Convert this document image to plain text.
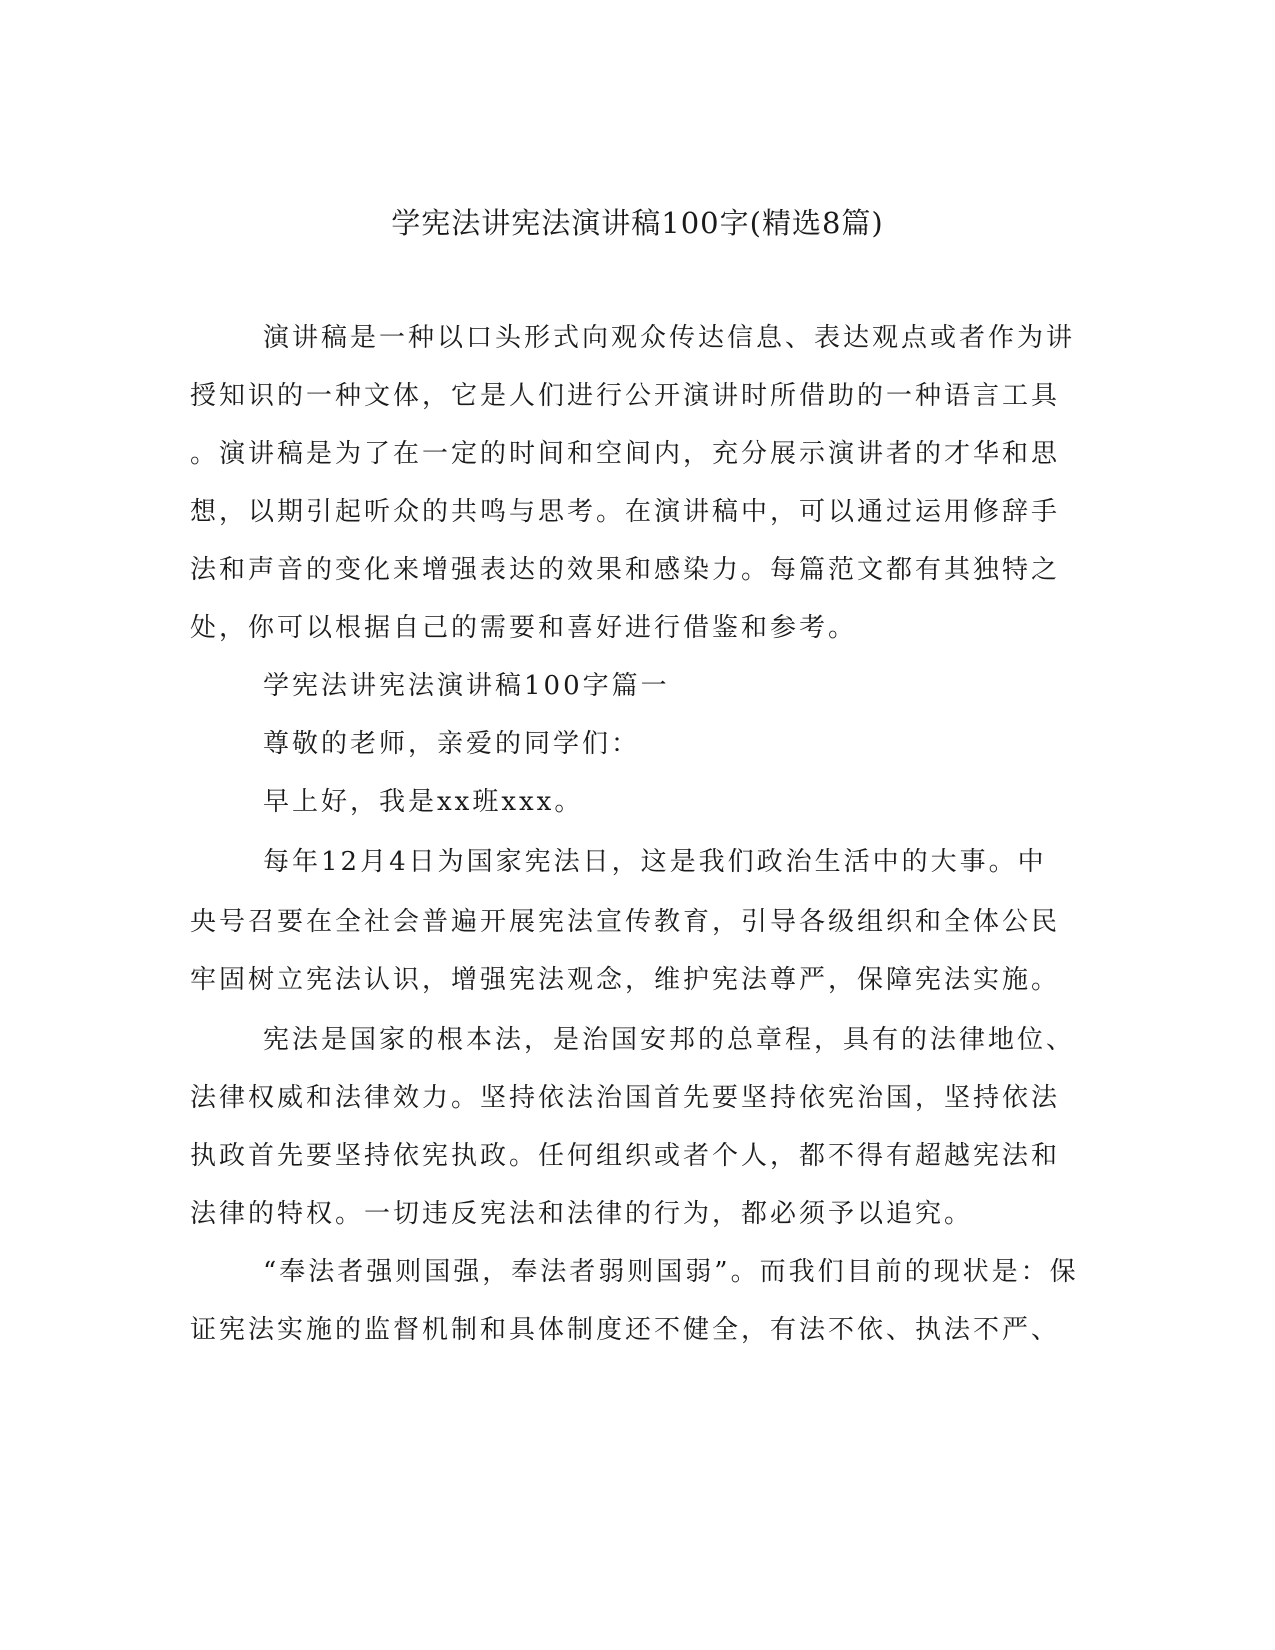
学宪法讲宪法演讲稿100字(精选8篇)
演讲稿是一种以口头形式向观众传达信息、表达观点或者作为讲
授知识的一种文体，它是人们进行公开演讲时所借助的一种语言工具
。演讲稿是为了在一定的时间和空间内，充分展示演讲者的才华和思
想，以期引起听众的共鸣与思考。在演讲稿中，可以通过运用修辞手
法和声音的变化来增强表达的效果和感染力。每篇范文都有其独特之
处，你可以根据自己的需要和喜好进行借鉴和参考。
学宪法讲宪法演讲稿100字篇一
尊敬的老师，亲爱的同学们：
早上好，我是xx班xxx。
每年12月4日为国家宪法日，这是我们政治生活中的大事。中
央号召要在全社会普遍开展宪法宣传教育，引导各级组织和全体公民
牢固树立宪法认识，增强宪法观念，维护宪法尊严，保障宪法实施。
宪法是国家的根本法，是治国安邦的总章程，具有的法律地位、
法律权威和法律效力。坚持依法治国首先要坚持依宪治国，坚持依法
执政首先要坚持依宪执政。任何组织或者个人，都不得有超越宪法和
法律的特权。一切违反宪法和法律的行为，都必须予以追究。
“奉法者强则国强，奉法者弱则国弱”。而我们目前的现状是：保
证宪法实施的监督机制和具体制度还不健全，有法不依、执法不严、
